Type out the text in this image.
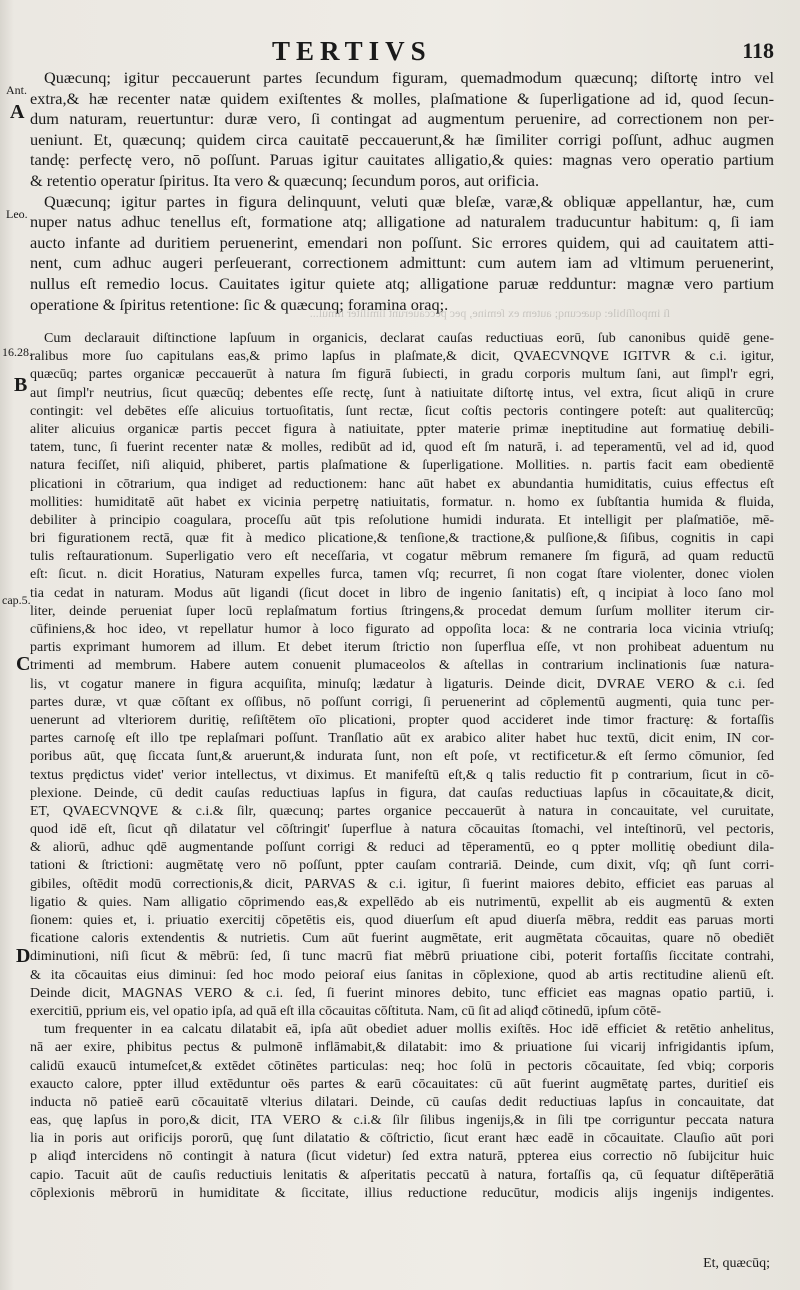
TERTIVS	118
Ant.
A
Leo.
16.28.
B
cap.5.
C
D
ſi impoſſibile: quæcunq; autem ex ſemine, pec peccauerunt ſimiliter ſimul...
Quæcunq; igitur peccauerunt partes ſecundum figuram, quemadmodum quæcunq; diſtortę intro vel
extra,& hæ recenter natæ quidem exiſtentes & molles, plaſmatione & ſuperligatione ad id, quod ſecun-
dum naturam, reuertuntur: duræ vero, ſi contingat ad augmentum peruenire, ad correctionem non per-
ueniunt. Et, quæcunq; quidem circa cauitatē peccauerunt,& hæ ſimiliter corrigi poſſunt, adhuc augmen
tandę: perfectę vero, nō poſſunt. Paruas igitur cauitates alligatio,& quies: magnas vero operatio partium
& retentio operatur ſpiritus. Ita vero & quæcunq; ſecundum poros, aut orificia.
Quæcunq; igitur partes in figura delinquunt, veluti quæ bleſæ, varæ,& obliquæ appellantur, hæ, cum
nuper natus adhuc tenellus eſt, formatione atq; alligatione ad naturalem traducuntur habitum: q, ſi iam
aucto infante ad duritiem peruenerint, emendari non poſſunt. Sic errores quidem, qui ad cauitatem atti-
nent, cum adhuc augeri perſeuerant, correctionem admittunt: cum autem iam ad vltimum peruenerint,
nullus eſt remedio locus. Cauitates igitur quiete atq; alligatione paruæ redduntur: magnæ vero partium
operatione & ſpiritus retentione: ſic & quæcunq; foramina oraq;.
Cum declarauit diſtinctione lapſuum in organicis, declarat cauſas reductiuas eorū, ſub canonibus quidē gene-
ralibus more ſuo capitulans eas,& primo lapſus in plaſmate,& dicit, QVAECVNQVE IGITVR & c.i. igitur,
quæcūq; partes organicæ peccauerūt à natura ſm figurā ſubiecti, in gradu corporis multum ſani, aut ſimpl'r egri,
aut ſimpl'r neutrius, ſicut quæcūq; debentes eſſe rectę, ſunt à natiuitate diſtortę intus, vel extra, ſicut aliqū in crure
contingit: vel debētes eſſe alicuius tortuoſitatis, ſunt rectæ, ſicut coſtis pectoris contingere poteſt: aut qualitercūq;
aliter alicuius organicæ partis peccet figura à natiuitate, ppter materie primæ ineptitudine aut formatiuę debili-
tatem, tunc, ſi fuerint recenter natæ & molles, redibūt ad id, quod eſt ſm naturā, i. ad teperamentū, vel ad id, quod
natura feciſſet, niſi aliquid, phiberet, partis plaſmatione & ſuperligatione. Mollities. n. partis facit eam obedientē
plicationi in cōtrarium, qua indiget ad reductionem: hanc aūt habet ex abundantia humiditatis, cuius effectus eſt
mollities: humiditatē aūt habet ex vicinia perpetrę natiuitatis, formatur. n. homo ex ſubſtantia humida & fluida,
debiliter à principio coagulara, proceſſu aūt tpis reſolutione humidi indurata. Et intelligit per plaſmatiōe, mē-
bri figurationem rectā, quæ fit à medico plicatione,& tenſione,& tractione,& pulſione,& ſiſibus, cognitis in capi
tulis reſtaurationum. Superligatio vero eſt neceſſaria, vt cogatur mēbrum remanere ſm figurā, ad quam reductū
eſt: ſicut. n. dicit Horatius, Naturam expelles furca, tamen vſq; recurret, ſi non cogat ſtare violenter, donec violen
tia cedat in naturam. Modus aūt ligandi (ſicut docet in libro de ingenio ſanitatis) eſt, q incipiat à loco ſano mol
liter, deinde perueniat ſuper locū replaſmatum fortius ſtringens,& procedat demum ſurſum molliter iterum cir-
cūfiniens,& hoc ideo, vt repellatur humor à loco figurato ad oppoſita loca: & ne contraria loca vicinia vtriuſq;
partis exprimant humorem ad illum. Et debet iterum ſtrictio non ſuperflua eſſe, vt non prohibeat aduentum nu
trimenti ad membrum. Habere autem conuenit plumaceolos & aſtellas in contrarium inclinationis ſuæ natura-
lis, vt cogatur manere in figura acquiſita, minuſq; lædatur à ligaturis. Deinde dicit, DVRAE VERO & c.i. ſed
partes duræ, vt quæ cōſtant ex oſſibus, nō poſſunt corrigi, ſi peruenerint ad cōplementū augmenti, quia tunc per-
uenerunt ad vlteriorem duritię, reſiſtētem oīo plicationi, propter quod accideret inde timor fracturę: & fortaſſis
partes carnoſę eſt illo tpe replaſmari poſſunt. Tranſlatio aūt ex arabico aliter habet huc textū, dicit enim, IN cor-
poribus aūt, quę ſiccata ſunt,& aruerunt,& indurata ſunt, non eſt poſe, vt rectificetur.& eſt ſermo cōmunior, ſed
textus prędictus videt' verior intellectus, vt diximus. Et manifeſtū eſt,& q talis reductio fit p contrarium, ſicut in cō-
plexione. Deinde, cū dedit cauſas reductiuas lapſus in figura, dat cauſas reductiuas lapſus in cōcauitate,& dicit,
ET, QVAECVNQVE & c.i.& ſilr, quæcunq; partes organice peccauerūt à natura in concauitate, vel curuitate,
quod idē eſt, ſicut qñ dilatatur vel cōſtringit' ſuperflue à natura cōcauitas ſtomachi, vel inteſtinorū, vel pectoris,
& aliorū, adhuc qdē augmentande poſſunt corrigi & reduci ad tēperamentū, eo q ppter mollitię obediunt dila-
tationi & ſtrictioni: augmētatę vero nō poſſunt, ppter cauſam contrariā. Deinde, cum dixit, vſq; qñ ſunt corri-
gibiles, oſtēdit modū correctionis,& dicit, PARVAS & c.i. igitur, ſi fuerint maiores debito, efficiet eas paruas al
ligatio & quies. Nam alligatio cōprimendo eas,& expellēdo ab eis nutrimentū, expellit ab eis augmentū & exten
ſionem: quies et, i. priuatio exercitij cōpetētis eis, quod diuerſum eſt apud diuerſa mēbra, reddit eas paruas morti
ficatione caloris extendentis & nutrietis. Cum aūt fuerint augmētate, erit augmētata cōcauitas, quare nō obediēt
diminutioni, niſi ſicut & mēbrū: ſed, ſi tunc macrū fiat mēbrū priuatione cibi, poterit fortaſſis ſiccitate contrahi,
& ita cōcauitas eius diminui: ſed hoc modo peioraſ eius ſanitas in cōplexione, quod ab artis rectitudine alienū eſt.
Deinde dicit, MAGNAS VERO & c.i. ſed, ſi fuerint minores debito, tunc efficiet eas magnas opatio partiū, i.
exercitiū, pprium eis, vel opatio ipſa, ad quā eſt illa cōcauitas cōſtituta. Nam, cū ſit ad aliqđ cōtinedū, ipſum cōtē-
tum frequenter in ea calcatu dilatabit eā, ipſa aūt obediet aduer mollis exiſtēs. Hoc idē efficiet & retētio anhelitus,
nā aer exire, phibitus pectus & pulmonē inflāmabit,& dilatabit: imo & priuatione ſui vicarij infrigidantis ipſum,
calidū exaucū intumeſcet,& extēdet cōtinētes particulas: neq; hoc ſolū in pectoris cōcauitate, ſed vbiq; corporis
exaucto calore, ppter illud extēduntur oēs partes & earū cōcauitates: cū aūt fuerint augmētatę partes, duritieſ eis
inducta nō patieē earū cōcauitatē vlterius dilatari. Deinde, cū cauſas dedit reductiuas lapſus in concauitate, dat
eas, quę lapſus in poro,& dicit, ITA VERO & c.i.& ſilr ſilibus ingenijs,& in ſili tpe corriguntur peccata natura
lia in poris aut orificijs pororū, quę ſunt dilatatio & cōſtrictio, ſicut erant hæc eadē in cōcauitate. Clauſio aūt pori
p aliqđ intercidens nō contingit à natura (ſicut videtur) ſed extra naturā, ppterea eius correctio nō ſubijcitur huic
capio. Tacuit aūt de cauſis reductiuis lenitatis & aſperitatis peccatū à natura, fortaſſis qa, cū ſequatur diſtēperātiā
cōplexionis mēbrorū in humiditate & ſiccitate, illius reductione reducūtur, modicis alijs ingenijs indigentes.
Et, quæcūq;
